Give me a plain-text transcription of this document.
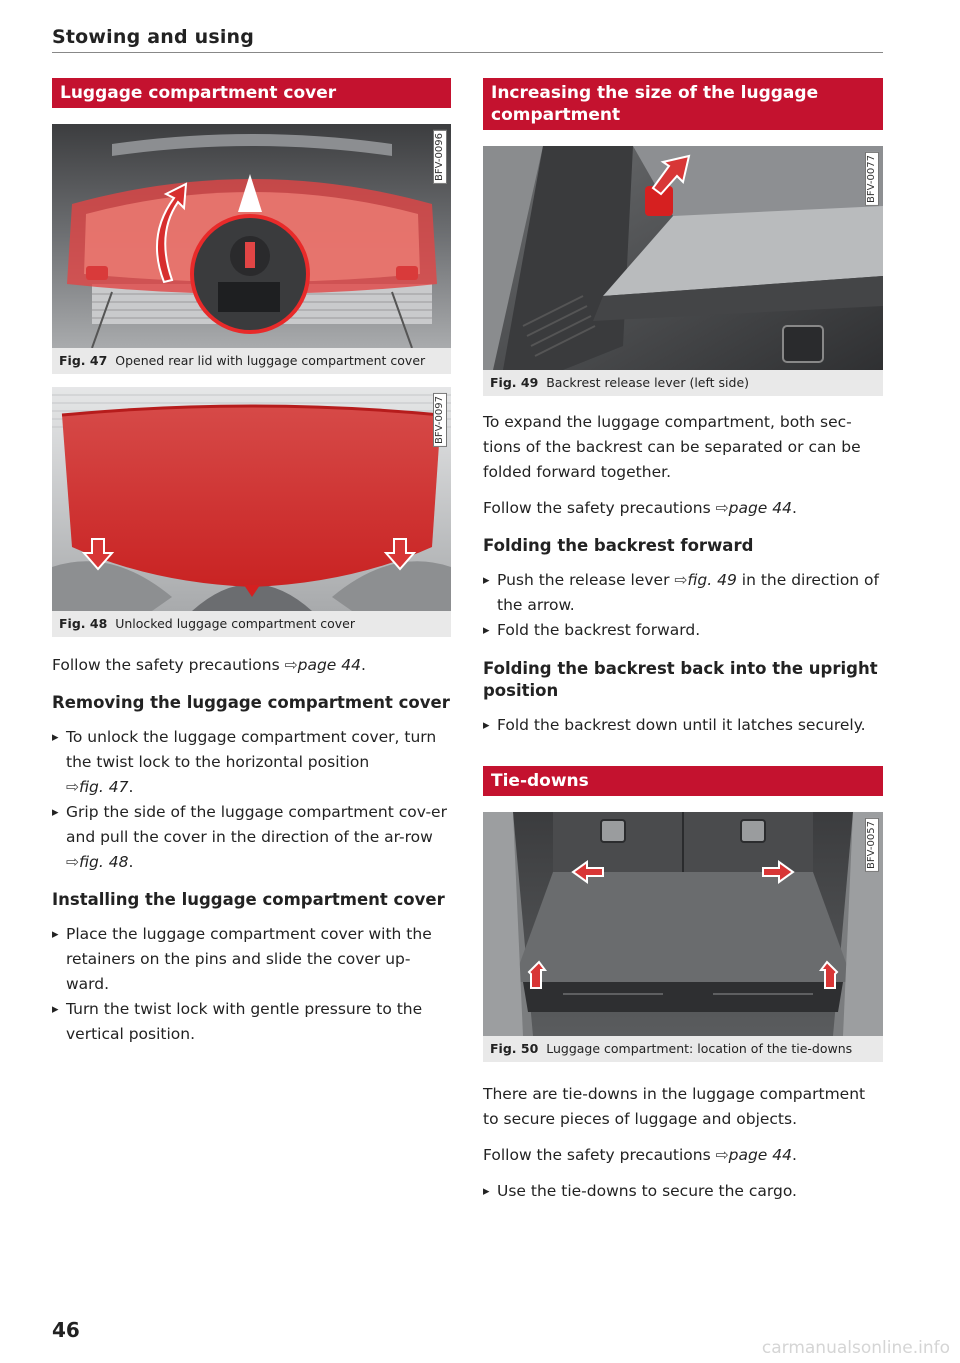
Stowing and using
Luggage compartment cover
BFV-0096
Fig. 47 Opened rear lid with luggage compartment cover
BFV-0097
Fig. 48 Unlocked luggage compartment cover

Follow the safety precautions ⇨page 44.

Removing the luggage compartment cover
▸ To unlock the luggage compartment cover, turn the twist lock to the horizontal position
⇨fig. 47.
▸ Grip the side of the luggage compartment cov-er and pull the cover in the direction of the ar-row ⇨fig. 48.
Installing the luggage compartment cover
▸ Place the luggage compartment cover with the retainers on the pins and slide the cover up-ward.
▸ Turn the twist lock with gentle pressure to the vertical position.
Increasing the size of the luggage compartment
BFV-0077
Fig. 49 Backrest release lever (left side)

To expand the luggage compartment, both sec-tions of the backrest can be separated or can be folded forward together.

Follow the safety precautions ⇨page 44.

Folding the backrest forward
▸ Push the release lever ⇨fig. 49 in the direction of the arrow.
▸ Fold the backrest forward.
Folding the backrest back into the upright position
▸ Fold the backrest down until it latches securely.
Tie-downs
BFV-0057
Fig. 50 Luggage compartment: location of the tie-downs

There are tie-downs in the luggage compartment to secure pieces of luggage and objects.

Follow the safety precautions ⇨page 44.

▸ Use the tie-downs to secure the cargo.
46
carmanualsonline.info
